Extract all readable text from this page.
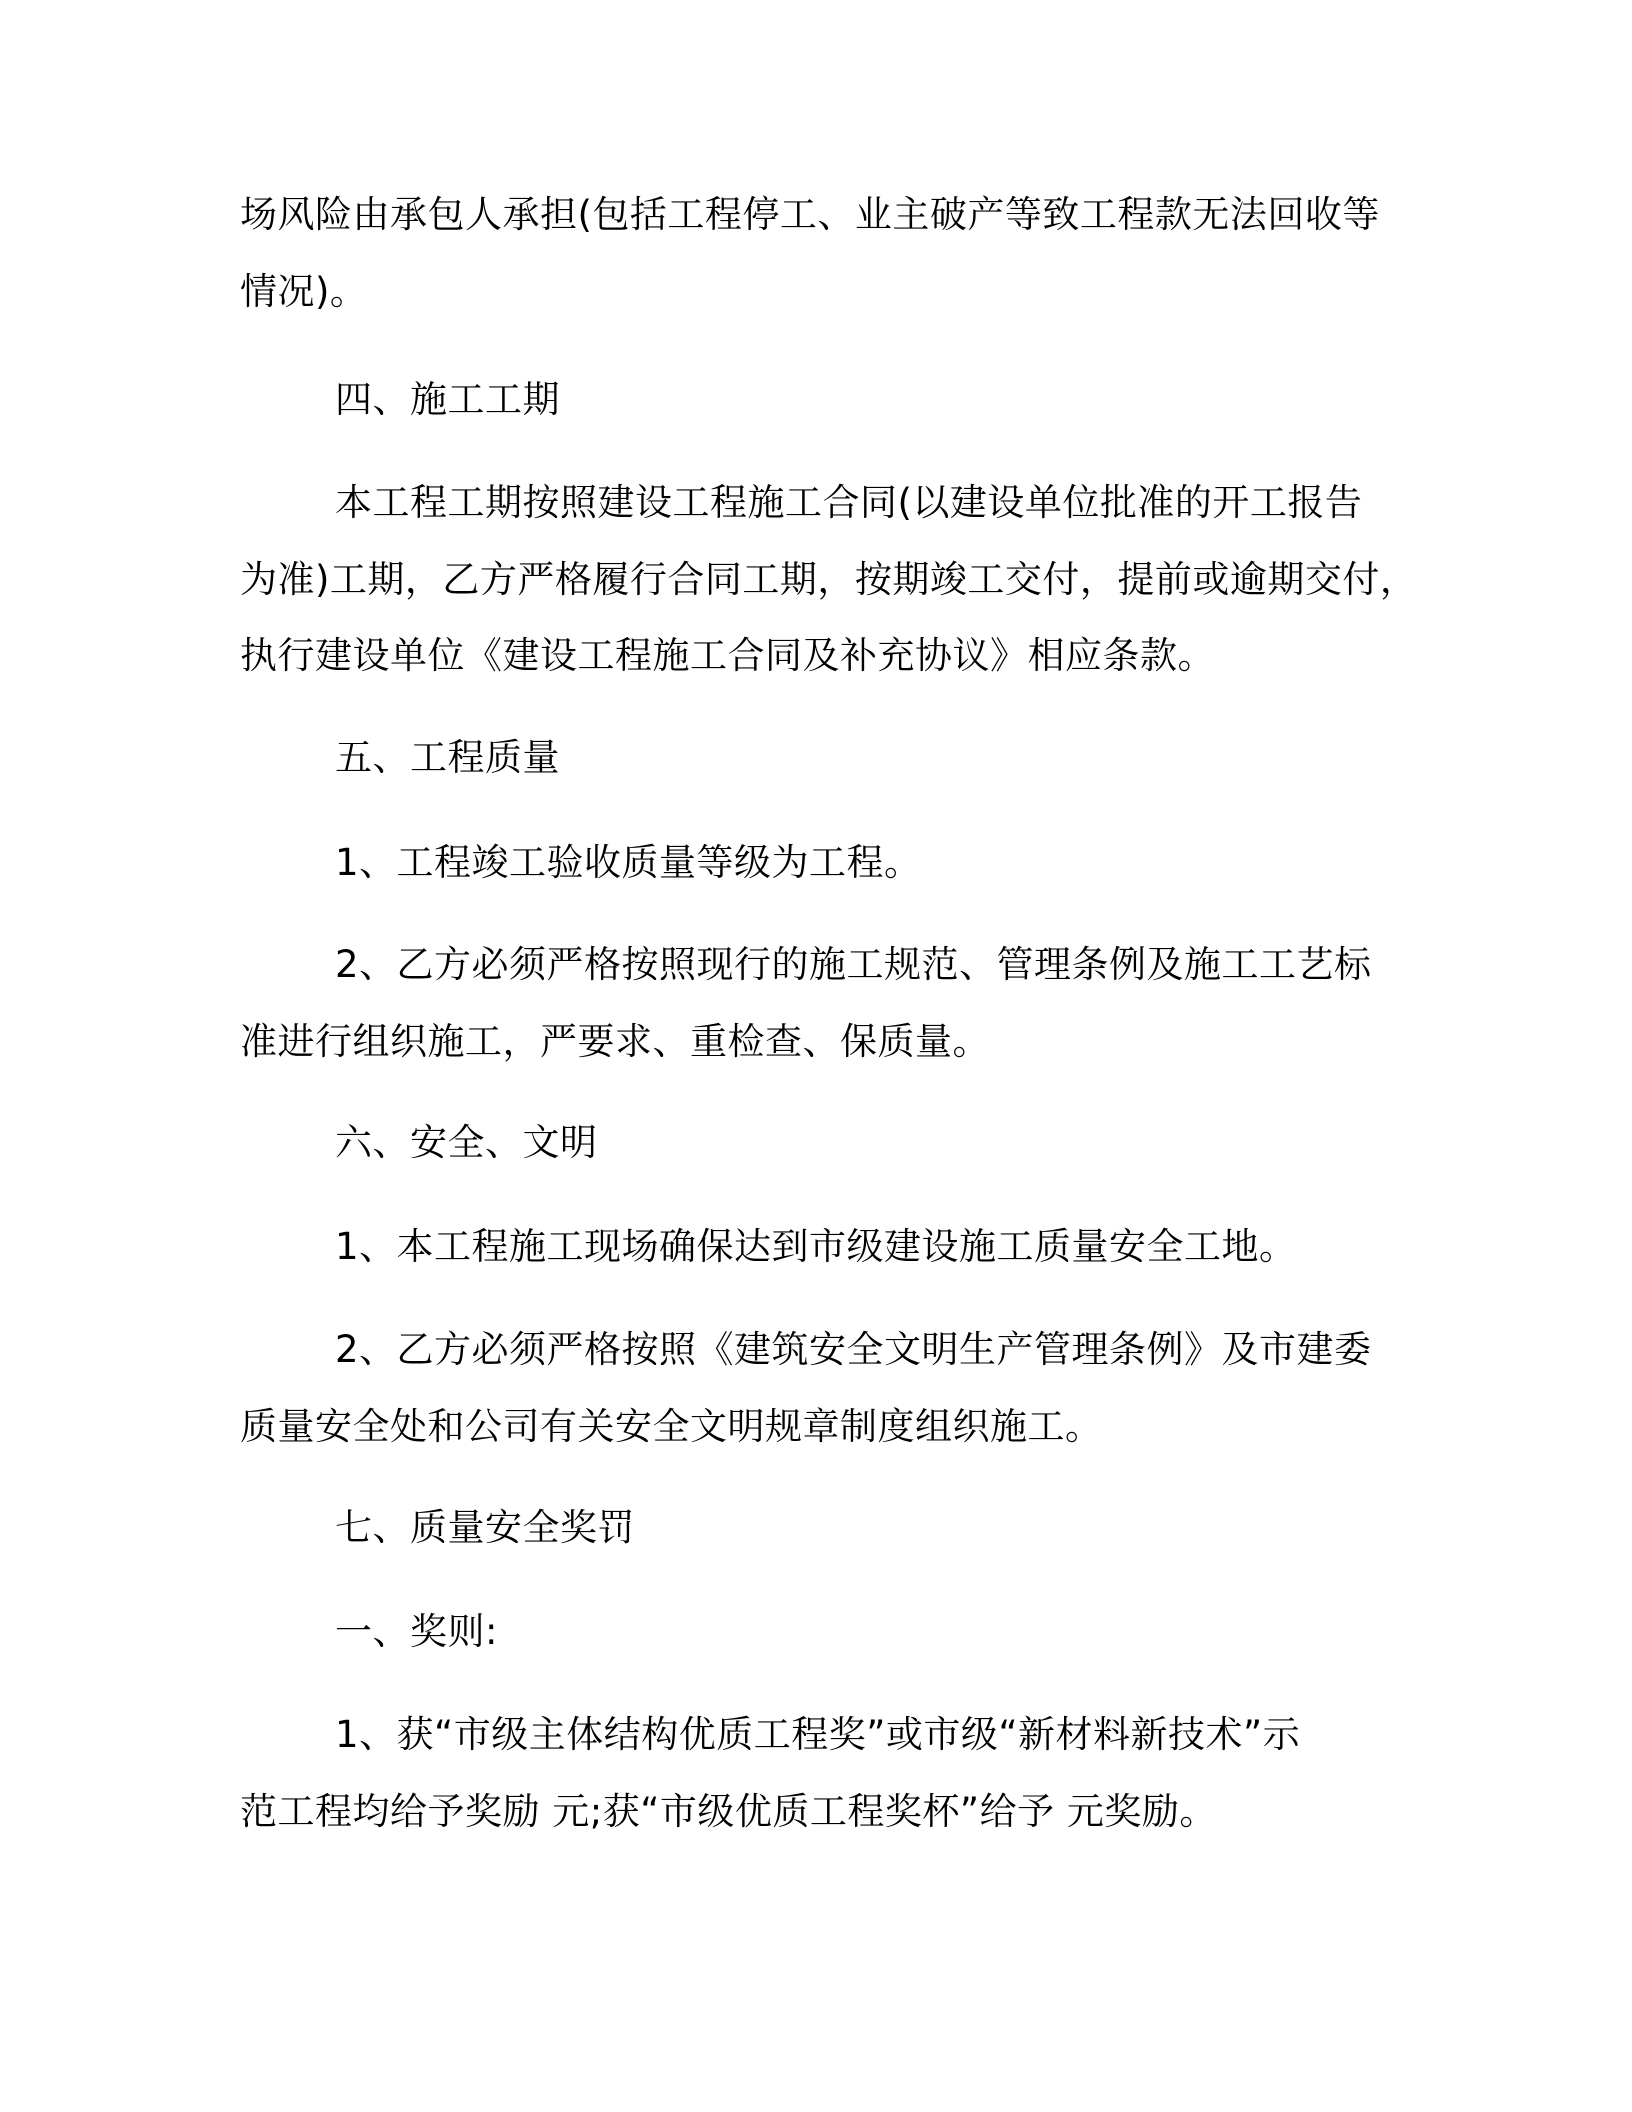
场风险由承包人承担(包括工程停工、业主破产等致工程款无法回收等
情况)。
四、施工工期
本工程工期按照建设工程施工合同(以建设单位批准的开工报告
为准)工期，乙方严格履行合同工期，按期竣工交付，提前或逾期交付，
执行建设单位《建设工程施工合同及补充协议》相应条款。
五、工程质量
1、工程竣工验收质量等级为工程。
2、乙方必须严格按照现行的施工规范、管理条例及施工工艺标
准进行组织施工，严要求、重检查、保质量。
六、安全、文明
1、本工程施工现场确保达到市级建设施工质量安全工地。
2、乙方必须严格按照《建筑安全文明生产管理条例》及市建委
质量安全处和公司有关安全文明规章制度组织施工。
七、质量安全奖罚
一、奖则:
1、获“市级主体结构优质工程奖”或市级“新材料新技术”示
范工程均给予奖励 元;获“市级优质工程奖杯”给予 元奖励。
